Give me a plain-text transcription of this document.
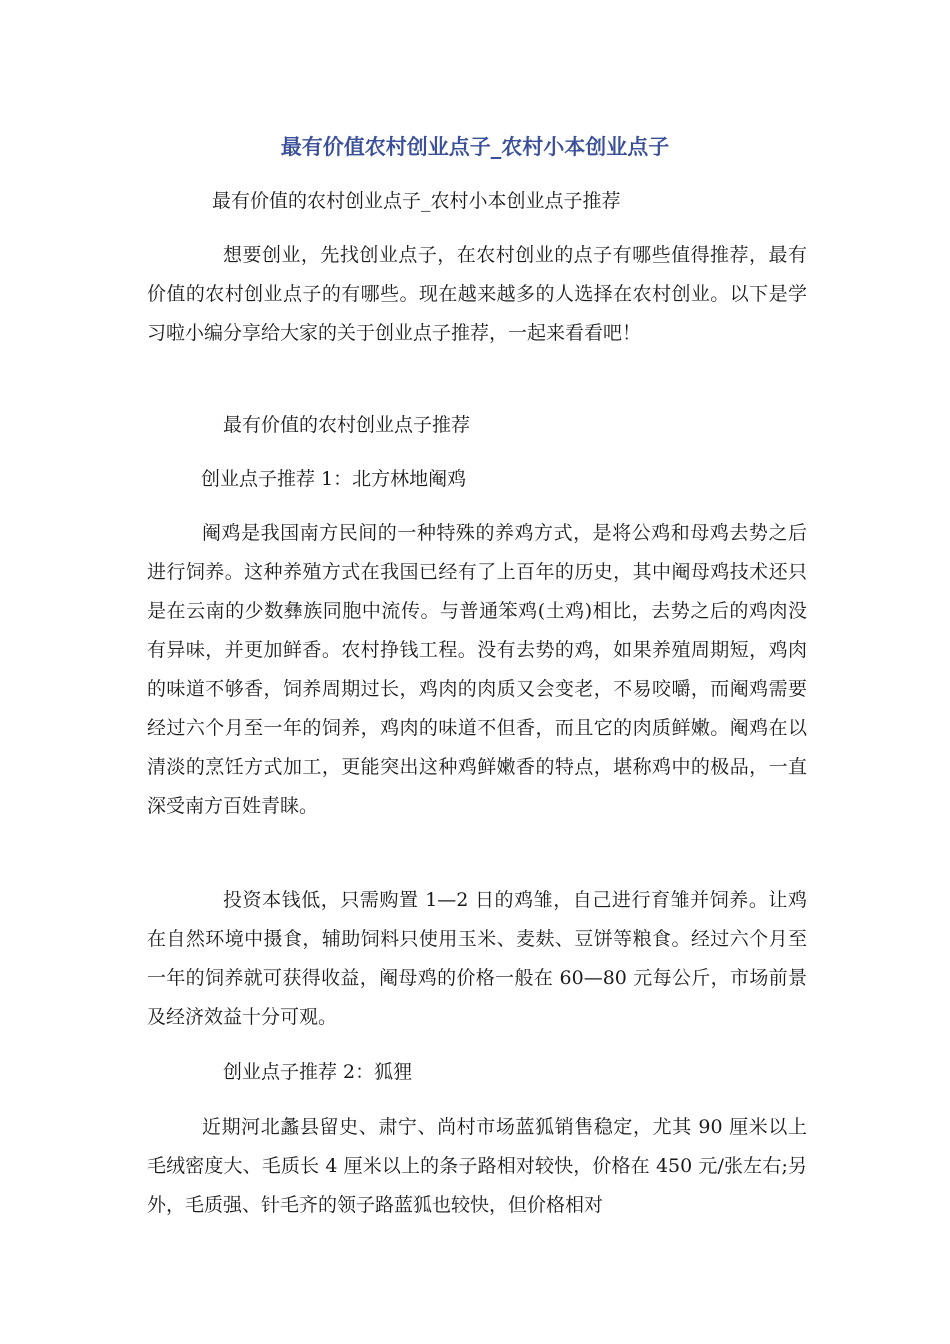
最有价值农村创业点子_农村小本创业点子
最有价值的农村创业点子_农村小本创业点子推荐
想要创业，先找创业点子，在农村创业的点子有哪些值得推荐，最有价值的农村创业点子的有哪些。现在越来越多的人选择在农村创业。以下是学习啦小编分享给大家的关于创业点子推荐，一起来看看吧！
最有价值的农村创业点子推荐
创业点子推荐 1：北方林地阉鸡
阉鸡是我国南方民间的一种特殊的养鸡方式，是将公鸡和母鸡去势之后进行饲养。这种养殖方式在我国已经有了上百年的历史，其中阉母鸡技术还只是在云南的少数彝族同胞中流传。与普通笨鸡(土鸡)相比，去势之后的鸡肉没有异味，并更加鲜香。农村挣钱工程。没有去势的鸡，如果养殖周期短，鸡肉的味道不够香，饲养周期过长，鸡肉的肉质又会变老，不易咬嚼，而阉鸡需要经过六个月至一年的饲养，鸡肉的味道不但香，而且它的肉质鲜嫩。阉鸡在以清淡的烹饪方式加工，更能突出这种鸡鲜嫩香的特点，堪称鸡中的极品，一直深受南方百姓青睐。
投资本钱低，只需购置 1—2 日的鸡雏，自己进行育雏并饲养。让鸡在自然环境中摄食，辅助饲料只使用玉米、麦麸、豆饼等粮食。经过六个月至一年的饲养就可获得收益，阉母鸡的价格一般在 60—80 元每公斤，市场前景及经济效益十分可观。
创业点子推荐 2：狐狸
近期河北蠡县留史、肃宁、尚村市场蓝狐销售稳定，尤其 90 厘米以上毛绒密度大、毛质长 4 厘米以上的条子路相对较快，价格在 450 元/张左右;另外，毛质强、针毛齐的领子路蓝狐也较快，但价格相对
